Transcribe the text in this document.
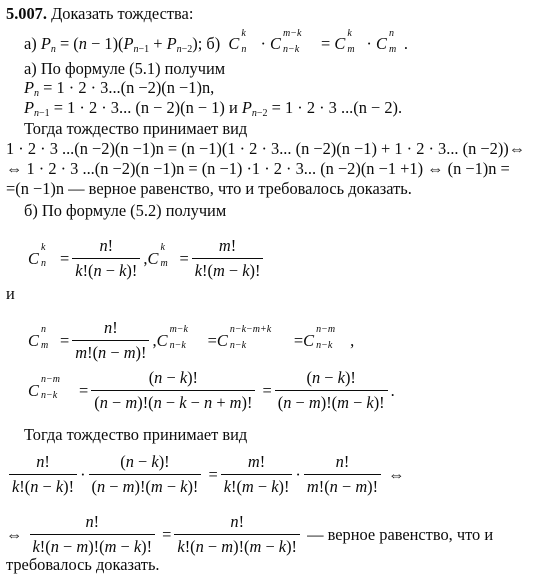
5.007. Доказать тождества:
а) $P_n = (n - 1)(P_{n-1} + P_{n-2})$; б)  C
k
n · C
m−k
n−k = C
k
m · C
n
m .
а) По формуле (5.1) получим
$P_n = 1 \cdot 2 \cdot 3...(n -2)(n -1)n$,
$P_{n-1} = 1 \cdot 2 \cdot 3$... (n − 2)(n − 1) и $P_{n-2} = 1 \cdot 2 \cdot 3$ ...(n − 2).
Тогда тождество принимает вид
1 · 2 · 3 ...(n −2)(n −1)n = (n −1)(1 · 2 · 3... (n −2)(n −1) + 1 · 2 · 3... (n −2))⇔
⇔ 1 · 2 · 3 ...(n −2)(n −1)n = (n −1) ·1 · 2 · 3... (n −2)(n −1 +1) ⇔ (n −1)n =
=(n −1)n — верное равенство, что и требовалось доказать.
б) По формуле (5.2) получим
C
k
$n = \frac{n!}{k!(n - k)!}$ , C
k
$m = \frac{m!}{k!(m - k)!}$
и
C
n
$m = \frac{n!}{m!(n - m)!}$ , C
m−k
n−k = C
n−k−m+k
n−k	= C
n−m
n−k ,
C
n−m
$n-k = \frac{(n - k)!}{(n - m)!(n - k - n + m)!} = \frac{(n - k)!}{(n - m)!(m - k)!}$ .
Тогда тождество принимает вид
$\frac{n!}{k!(n - k)!} \cdot \frac{(n - k)!}{(n - m)!(m - k)!} = \frac{m!}{k!(m - k)!} \cdot \frac{n!}{m!(n - m)!}$ ⇔
⇔ $\frac{n!}{k!(n - m)!(m - k)!} = \frac{n!}{k!(n - m)!(m - k)!}$
— верное равенство, что и
требовалось доказать.
